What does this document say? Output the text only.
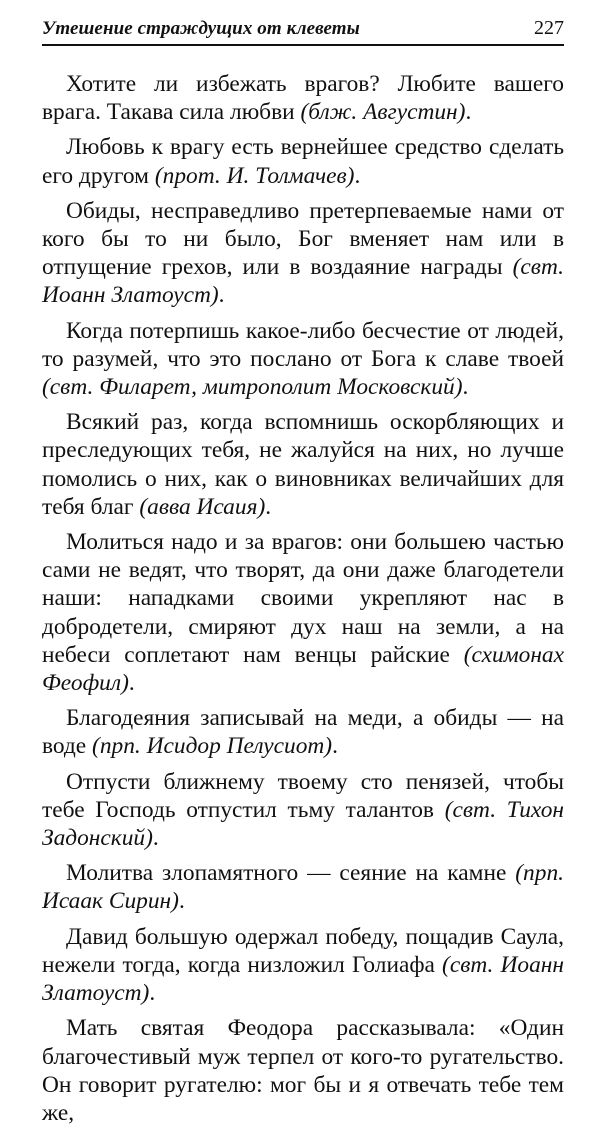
Утешение страждущих от клеветы	227

Хотите ли избежать врагов? Любите вашего врага. Такава сила любви (блж. Августин).

Любовь к врагу есть вернейшее средство сделать его другом (прот. И. Толмачев).

Обиды, несправедливо претерпеваемые нами от кого бы то ни было, Бог вменяет нам или в отпущение грехов, или в воздаяние награды (свт. Иоанн Златоуст).

Когда потерпишь какое-либо бесчестие от людей, то разумей, что это послано от Бога к славе твоей (свт. Филарет, митрополит Московский).

Всякий раз, когда вспомнишь оскорбляющих и преследующих тебя, не жалуйся на них, но лучше помолись о них, как о виновниках величайших для тебя благ (авва Исаия).

Молиться надо и за врагов: они большею частью сами не ведят, что творят, да они даже благодетели наши: нападками своими укрепляют нас в добродетели, смиряют дух наш на земли, а на небеси соплетают нам венцы райские (схимонах Феофил).

Благодеяния записывай на меди, а обиды — на воде (прп. Исидор Пелусиот).

Отпусти ближнему твоему сто пенязей, чтобы тебе Господь отпустил тьму талантов (свт. Тихон Задонский).

Молитва злопамятного — сеяние на камне (прп. Исаак Сирин).

Давид большую одержал победу, пощадив Саула, нежели тогда, когда низложил Голиафа (свт. Иоанн Златоуст).

Мать святая Феодора рассказывала: «Один благочестивый муж терпел от кого-то ругательство. Он говорит ругателю: мог бы и я отвечать тебе тем же,
